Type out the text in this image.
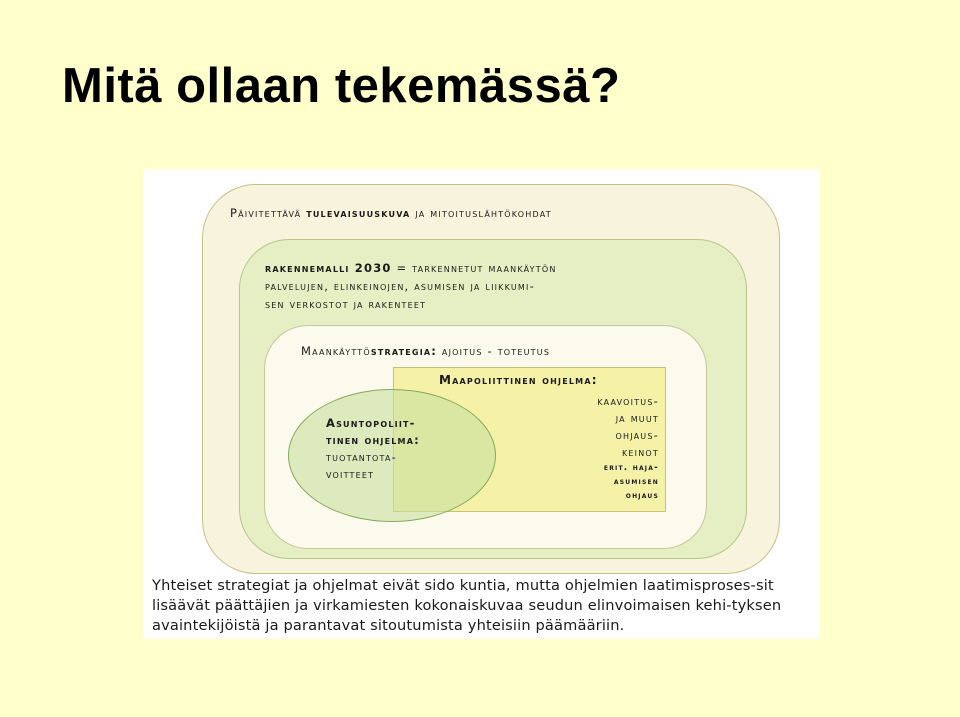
Mitä ollaan tekemässä?
Päivitettävä tulevaisuuskuva ja mitoituslähtökohdat
rakennemalli 2030 = tarkennetut maankäytön
palvelujen, elinkeinojen, asumisen ja liikkumi-
sen verkostot ja rakenteet
Maankäyttöstrategia: ajoitus - toteutus
Maapoliittinen ohjelma:
kaavoitus-
ja muut
ohjaus-
keinot
erit. haja-
asumisen
ohjaus
Asuntopoliit-
tinen ohjelma:
tuotantota-
voitteet
Yhteiset strategiat ja ohjelmat eivät sido kuntia, mutta ohjelmien laatimisproses-sit lisäävät päättäjien ja virkamiesten kokonaiskuvaa seudun elinvoimaisen kehi-tyksen avaintekijöistä ja parantavat sitoutumista yhteisiin päämääriin.
